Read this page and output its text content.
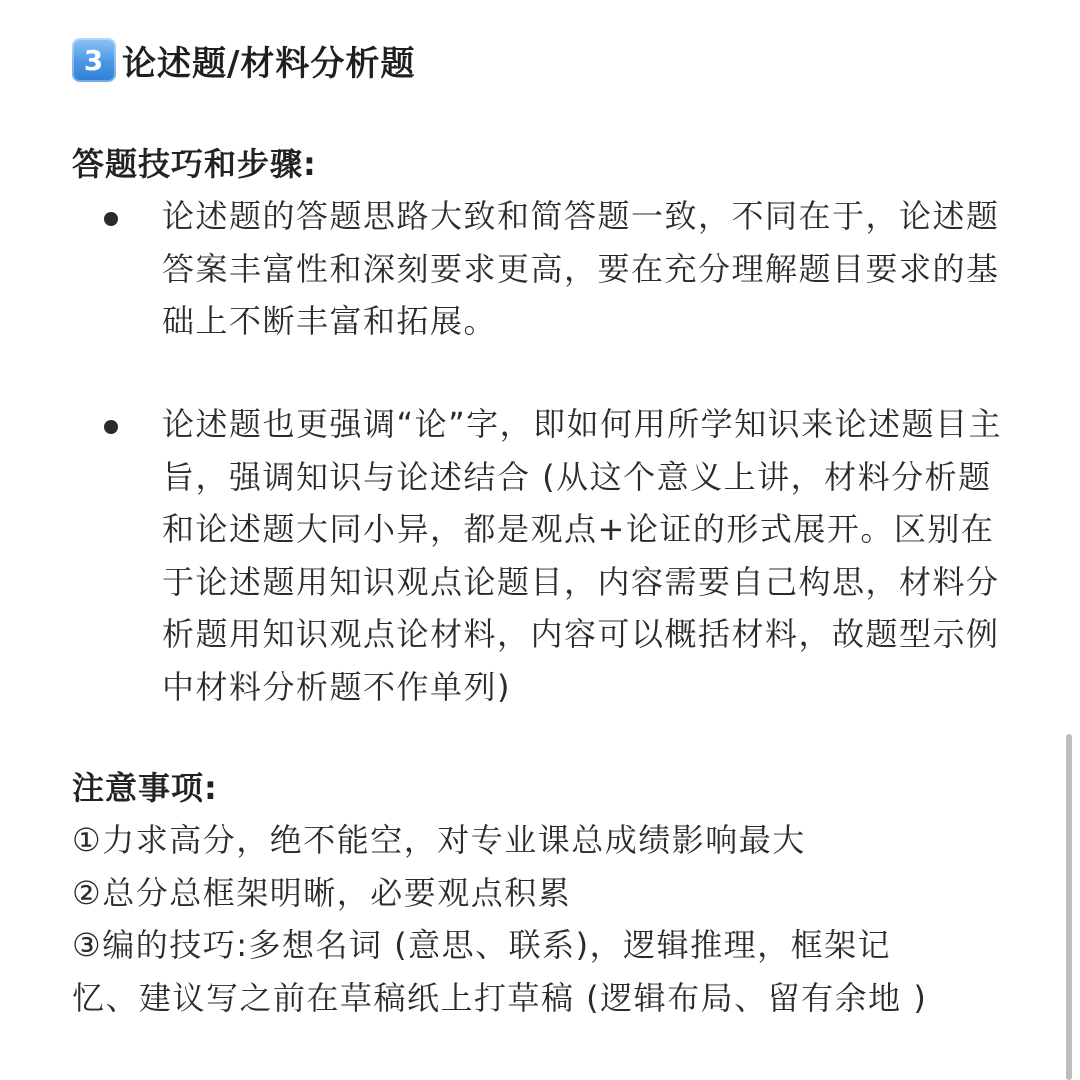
3 论述题/材料分析题
答题技巧和步骤:
论述题的答题思路大致和简答题一致，不同在于，论述题答案丰富性和深刻要求更高，要在充分理解题目要求的基础上不断丰富和拓展。
论述题也更强调“论”字，即如何用所学知识来论述题目主旨，强调知识与论述结合 (从这个意义上讲，材料分析题和论述题大同小异，都是观点+论证的形式展开。区别在于论述题用知识观点论题目，内容需要自己构思，材料分析题用知识观点论材料，内容可以概括材料，故题型示例中材料分析题不作单列)
注意事项:
①力求高分，绝不能空，对专业课总成绩影响最大
②总分总框架明晰，必要观点积累
③编的技巧:多想名词 (意思、联系)，逻辑推理，框架记
忆、建议写之前在草稿纸上打草稿 (逻辑布局、留有余地 )
